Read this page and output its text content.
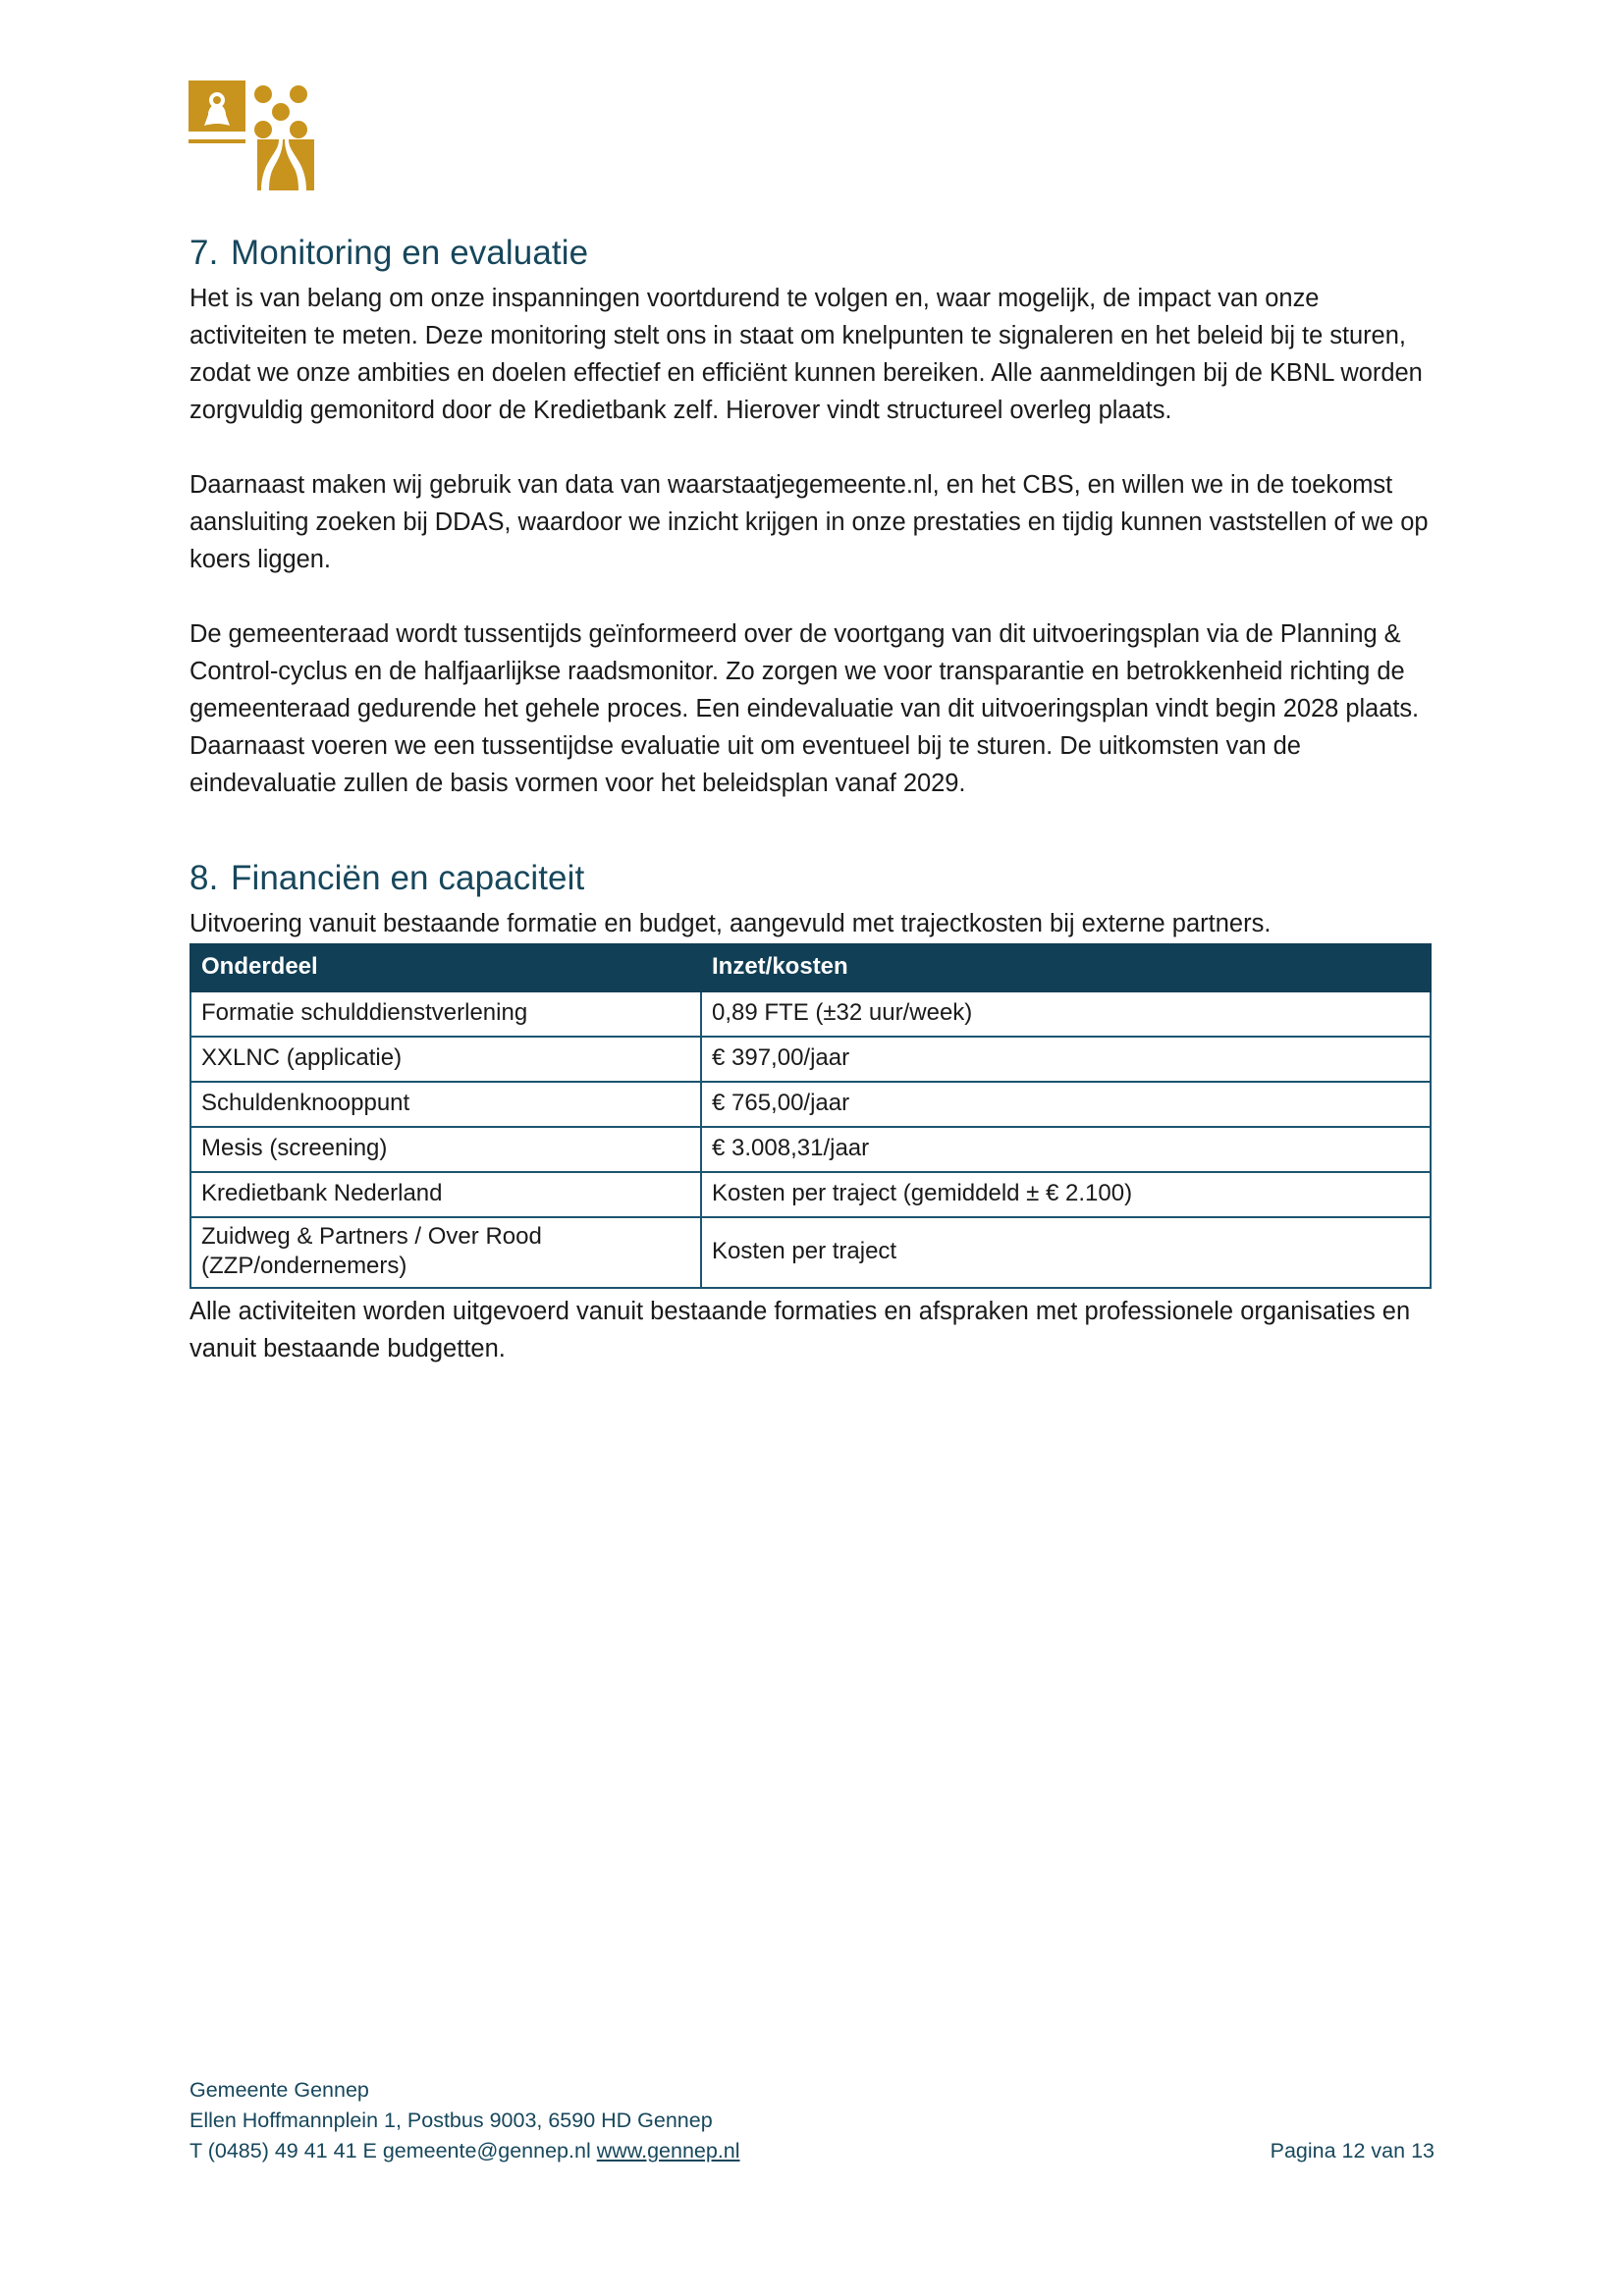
7. Monitoring en evaluatie

Het is van belang om onze inspanningen voortdurend te volgen en, waar mogelijk, de impact van onze activiteiten te meten. Deze monitoring stelt ons in staat om knelpunten te signaleren en het beleid bij te sturen, zodat we onze ambities en doelen effectief en efficiënt kunnen bereiken. Alle aanmeldingen bij de KBNL worden zorgvuldig gemonitord door de Kredietbank zelf. Hierover vindt structureel overleg plaats.

Daarnaast maken wij gebruik van data van waarstaatjegemeente.nl, en het CBS, en willen we in de toekomst aansluiting zoeken bij DDAS, waardoor we inzicht krijgen in onze prestaties en tijdig kunnen vaststellen of we op koers liggen.

De gemeenteraad wordt tussentijds geïnformeerd over de voortgang van dit uitvoeringsplan via de Planning & Control-cyclus en de halfjaarlijkse raadsmonitor. Zo zorgen we voor transparantie en betrokkenheid richting de gemeenteraad gedurende het gehele proces. Een eindevaluatie van dit uitvoeringsplan vindt begin 2028 plaats. Daarnaast voeren we een tussentijdse evaluatie uit om eventueel bij te sturen. De uitkomsten van de eindevaluatie zullen de basis vormen voor het beleidsplan vanaf 2029.

8. Financiën en capaciteit

Uitvoering vanuit bestaande formatie en budget, aangevuld met trajectkosten bij externe partners.

Onderdeel	Inzet/kosten
Formatie schulddienstverlening	0,89 FTE (±32 uur/week)
XXLNC (applicatie)	€ 397,00/jaar
Schuldenknooppunt	€ 765,00/jaar
Mesis (screening)	€ 3.008,31/jaar
Kredietbank Nederland	Kosten per traject (gemiddeld ± € 2.100)
Zuidweg & Partners / Over Rood (ZZP/ondernemers)	Kosten per traject

Alle activiteiten worden uitgevoerd vanuit bestaande formaties en afspraken met professionele organisaties en vanuit bestaande budgetten.

Gemeente Gennep
Ellen Hoffmannplein 1, Postbus 9003, 6590 HD Gennep
T (0485) 49 41 41 E gemeente@gennep.nl www.gennep.nl	Pagina 12 van 13
